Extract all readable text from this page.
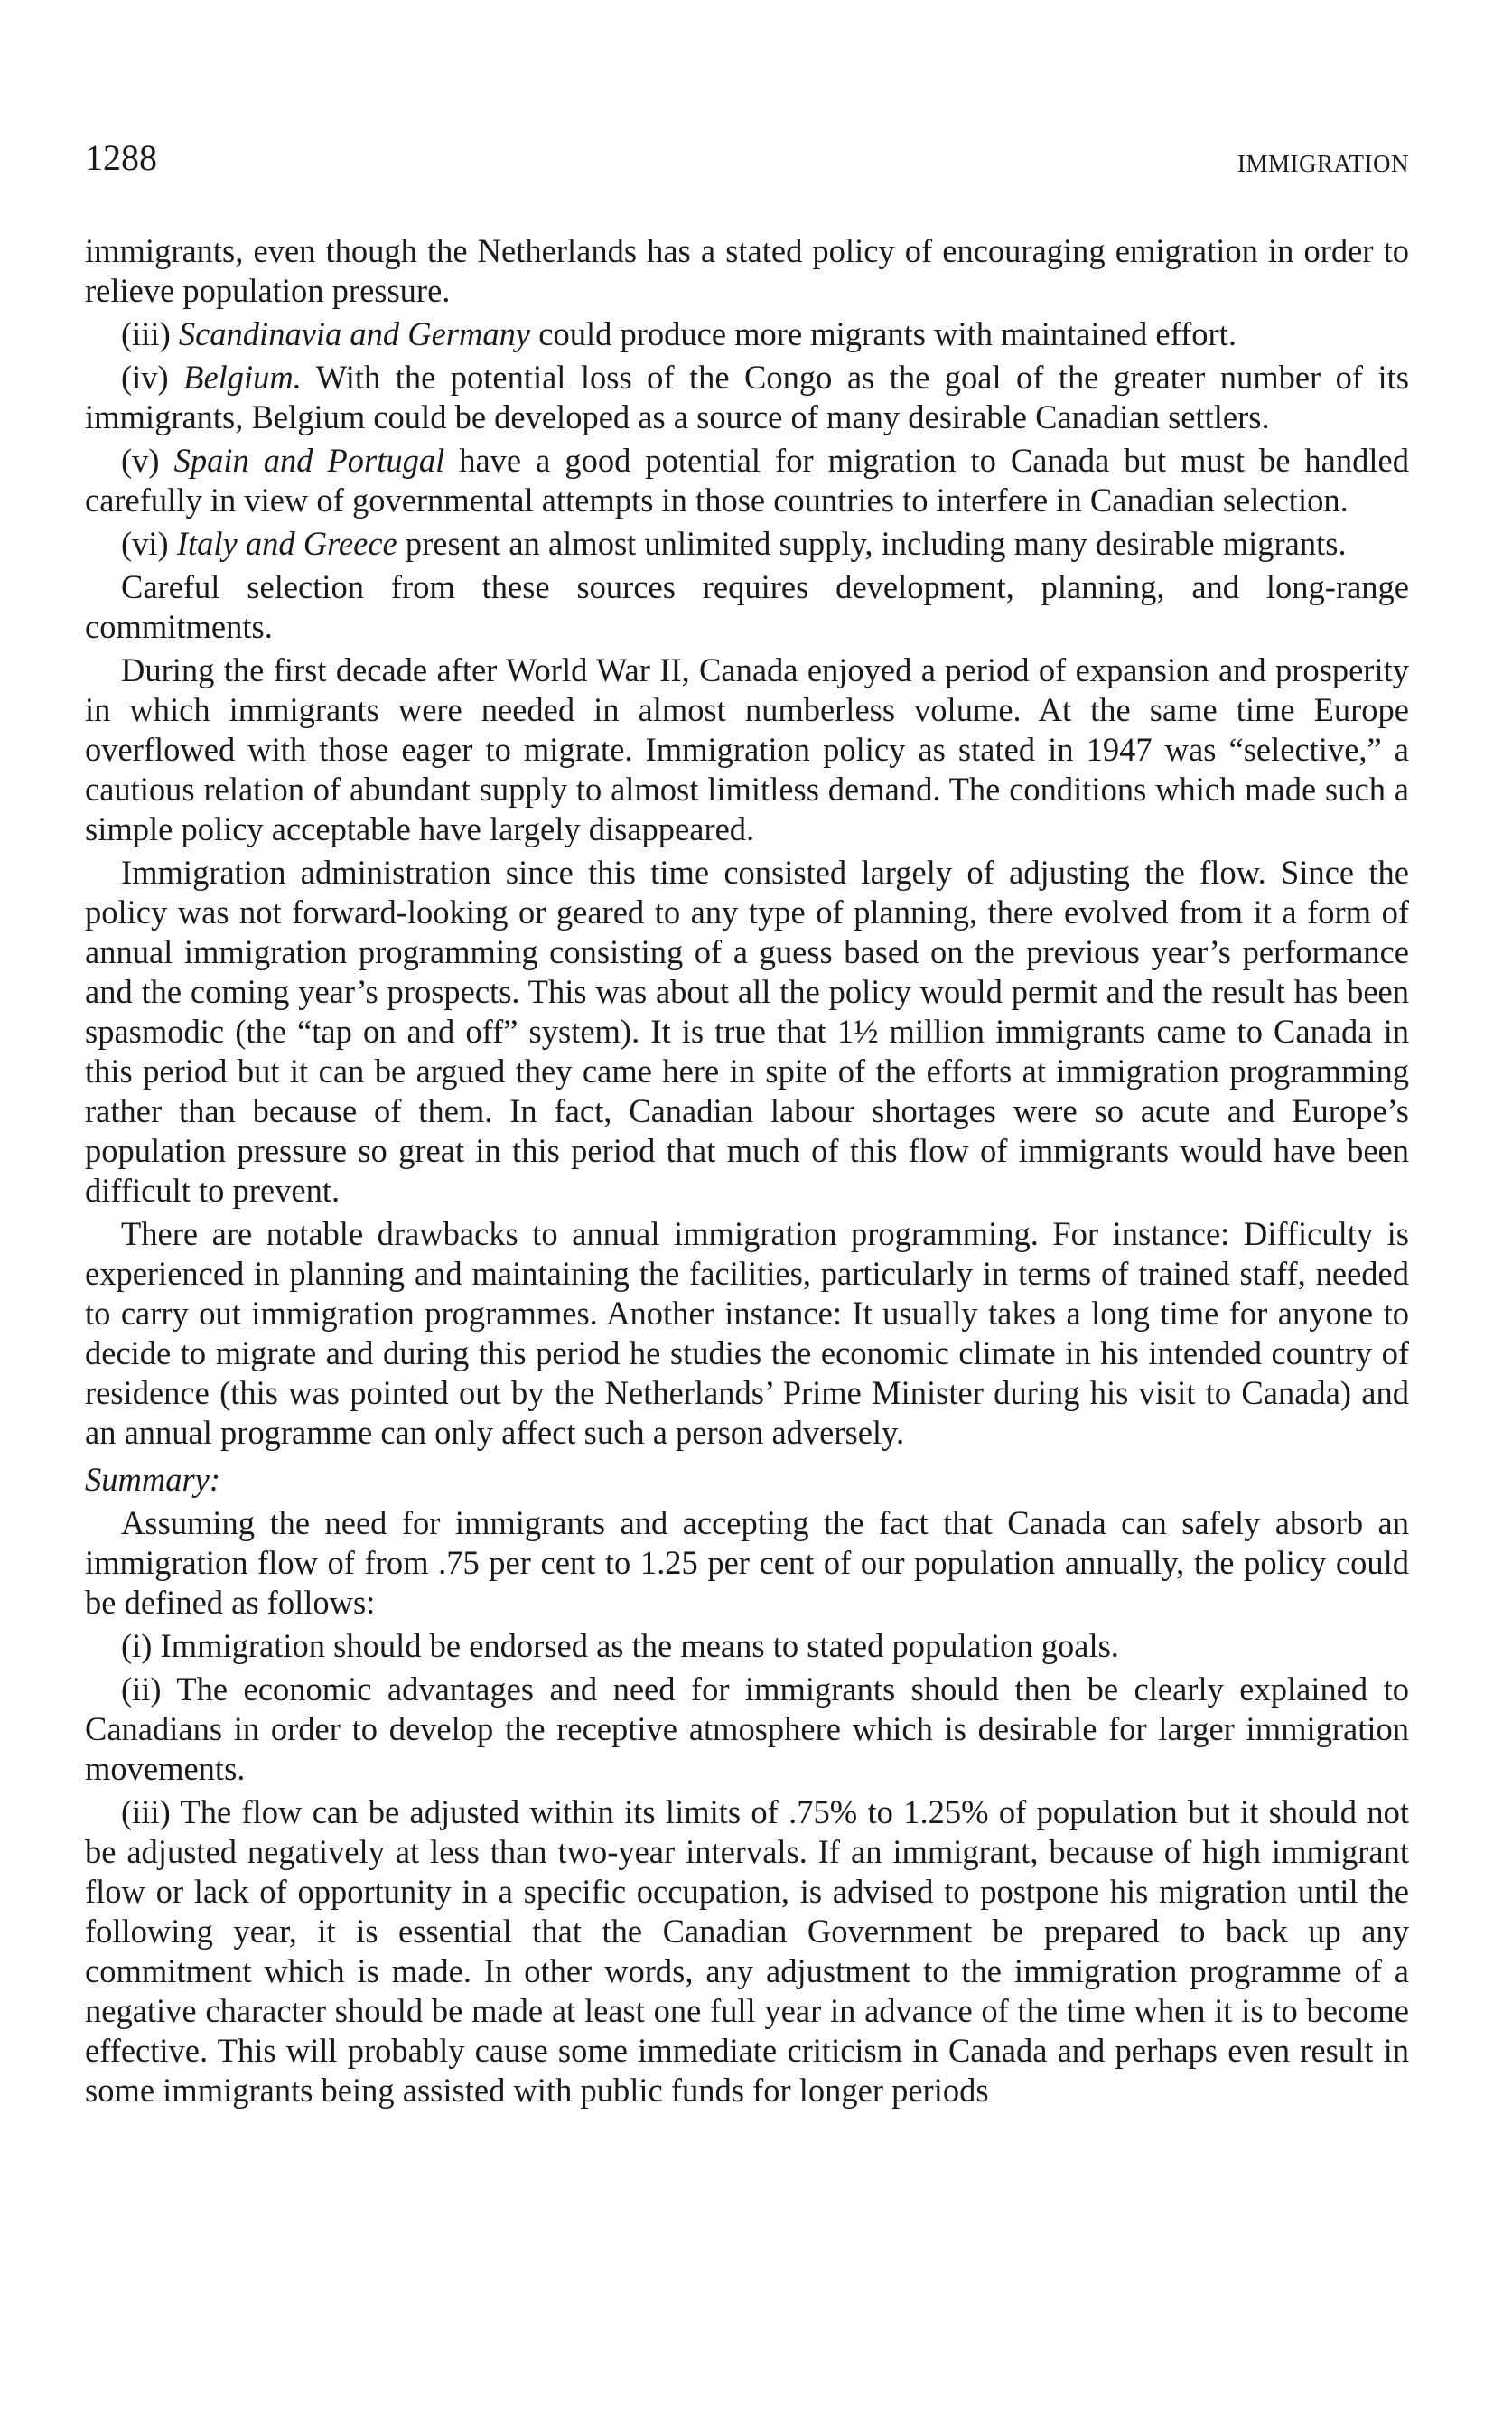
1288	IMMIGRATION

immigrants, even though the Netherlands has a stated policy of encouraging emigration in order to relieve population pressure.

(iii) Scandinavia and Germany could produce more migrants with maintained effort.

(iv) Belgium. With the potential loss of the Congo as the goal of the greater number of its immigrants, Belgium could be developed as a source of many desirable Canadian settlers.

(v) Spain and Portugal have a good potential for migration to Canada but must be handled carefully in view of governmental attempts in those countries to interfere in Canadian selection.

(vi) Italy and Greece present an almost unlimited supply, including many desirable migrants.

Careful selection from these sources requires development, planning, and long-range commitments.

During the first decade after World War II, Canada enjoyed a period of expansion and prosperity in which immigrants were needed in almost numberless volume. At the same time Europe overflowed with those eager to migrate. Immigration policy as stated in 1947 was “selective,” a cautious relation of abundant supply to almost limitless demand. The conditions which made such a simple policy acceptable have largely disappeared.

Immigration administration since this time consisted largely of adjusting the flow. Since the policy was not forward-looking or geared to any type of planning, there evolved from it a form of annual immigration programming consisting of a guess based on the previous year’s performance and the coming year’s prospects. This was about all the policy would permit and the result has been spasmodic (the “tap on and off” system). It is true that 1½ million immigrants came to Canada in this period but it can be argued they came here in spite of the efforts at immigration programming rather than because of them. In fact, Canadian labour shortages were so acute and Europe’s population pressure so great in this period that much of this flow of immigrants would have been difficult to prevent.

There are notable drawbacks to annual immigration programming. For instance: Difficulty is experienced in planning and maintaining the facilities, particularly in terms of trained staff, needed to carry out immigration programmes. Another instance: It usually takes a long time for anyone to decide to migrate and during this period he studies the economic climate in his intended country of residence (this was pointed out by the Netherlands’ Prime Minister during his visit to Canada) and an annual programme can only affect such a person adversely.

Summary:

Assuming the need for immigrants and accepting the fact that Canada can safely absorb an immigration flow of from .75 per cent to 1.25 per cent of our population annually, the policy could be defined as follows:

(i) Immigration should be endorsed as the means to stated population goals.

(ii) The economic advantages and need for immigrants should then be clearly explained to Canadians in order to develop the receptive atmosphere which is desirable for larger immigration movements.

(iii) The flow can be adjusted within its limits of .75% to 1.25% of population but it should not be adjusted negatively at less than two-year intervals. If an immigrant, because of high immigrant flow or lack of opportunity in a specific occupation, is advised to postpone his migration until the following year, it is essential that the Canadian Government be prepared to back up any commitment which is made. In other words, any adjustment to the immigration programme of a negative character should be made at least one full year in advance of the time when it is to become effective. This will probably cause some immediate criticism in Canada and perhaps even result in some immigrants being assisted with public funds for longer periods
